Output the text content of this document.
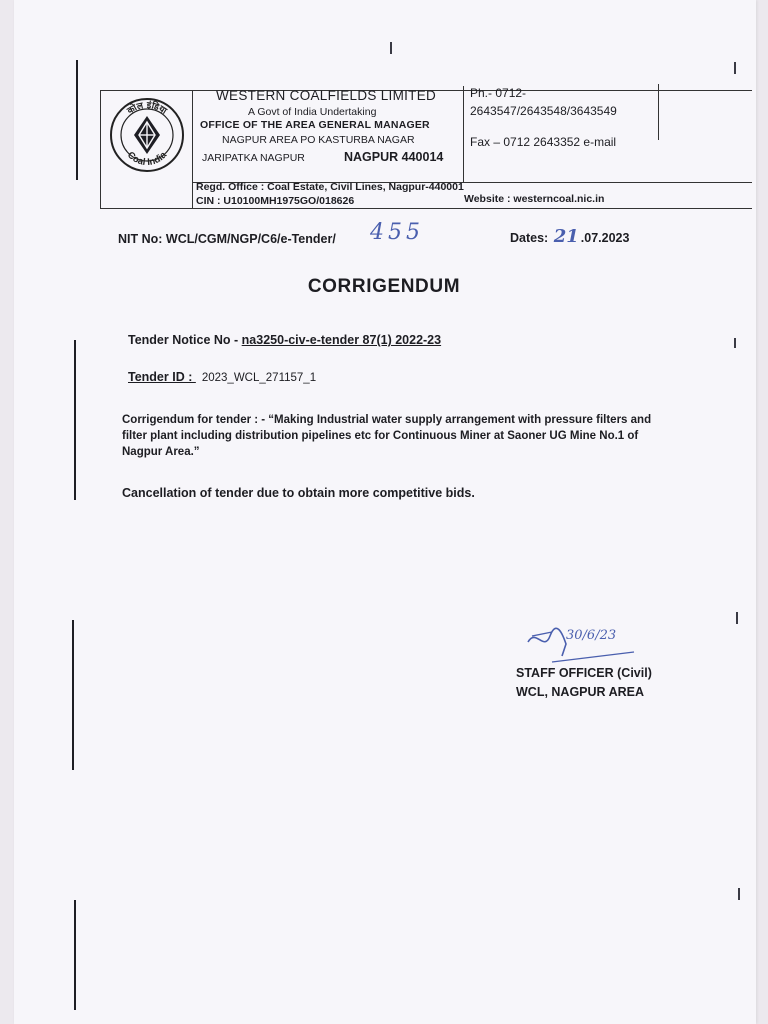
कोल इंडिया
Coal India
WESTERN COALFIELDS LIMITED
A Govt of India Undertaking
OFFICE OF THE AREA GENERAL MANAGER
NAGPUR AREA PO KASTURBA NAGAR
JARIPATKA NAGPUR	NAGPUR 440014
Ph.- 0712-
2643547/2643548/3643549
Fax – 0712 2643352 e-mail
Regd. Office : Coal Estate, Civil Lines, Nagpur-440001
CIN : U10100MH1975GO/018626	Website : westerncoal.nic.in
NIT No: WCL/CGM/NGP/C6/e-Tender/ 455	Dates: 21 .07.2023
CORRIGENDUM
Tender Notice No - na3250-civ-e-tender 87(1) 2022-23
Tender ID : 2023_WCL_271157_1
Corrigendum for tender : - “Making Industrial water supply arrangement with pressure filters and filter plant including distribution pipelines etc for Continuous Miner at Saoner UG Mine No.1 of Nagpur Area.”
Cancellation of tender due to obtain more competitive bids.
30/6/23
STAFF OFFICER (Civil)
WCL, NAGPUR AREA
